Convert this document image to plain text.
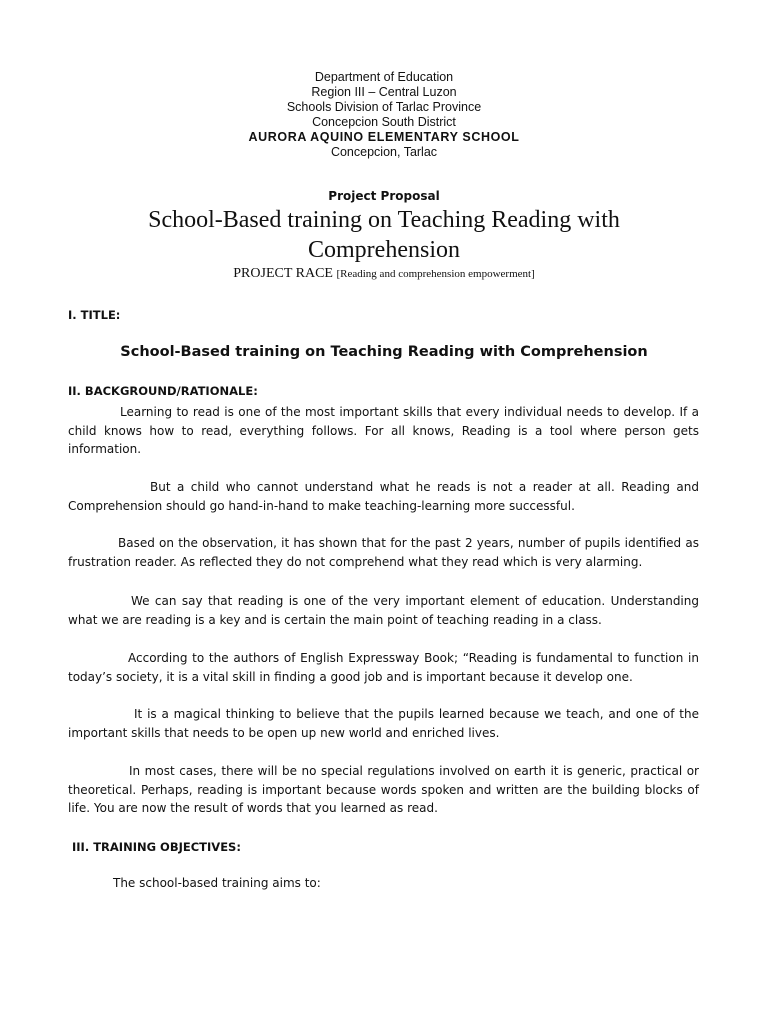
Department of Education
Region III – Central Luzon
Schools Division of Tarlac Province
Concepcion South District
AURORA AQUINO ELEMENTARY SCHOOL
Concepcion, Tarlac
Project Proposal
School-Based training on Teaching Reading with Comprehension
PROJECT RACE [Reading and comprehension empowerment]
I. TITLE:
School-Based training on Teaching Reading with Comprehension
II. BACKGROUND/RATIONALE:
Learning to read is one of the most important skills that every individual needs to develop. If a child knows how to read, everything follows. For all knows, Reading is a tool where person gets information.
But a child who cannot understand what he reads is not a reader at all. Reading and Comprehension should go hand-in-hand to make teaching-learning more successful.
Based on the observation, it has shown that for the past 2 years, number of pupils identified as frustration reader. As reflected they do not comprehend what they read which is very alarming.
We can say that reading is one of the very important element of education. Understanding what we are reading is a key and is certain the main point of teaching reading in a class.
According to the authors of English Expressway Book; “Reading is fundamental to function in today’s society, it is a vital skill in finding a good job and is important because it develop one.
It is a magical thinking to believe that the pupils learned because we teach, and one of the important skills that needs to be open up new world and enriched lives.
In most cases, there will be no special regulations involved on earth it is generic, practical or theoretical. Perhaps, reading is important because words spoken and written are the building blocks of life. You are now the result of words that you learned as read.
III. TRAINING OBJECTIVES:
The school-based training aims to:
